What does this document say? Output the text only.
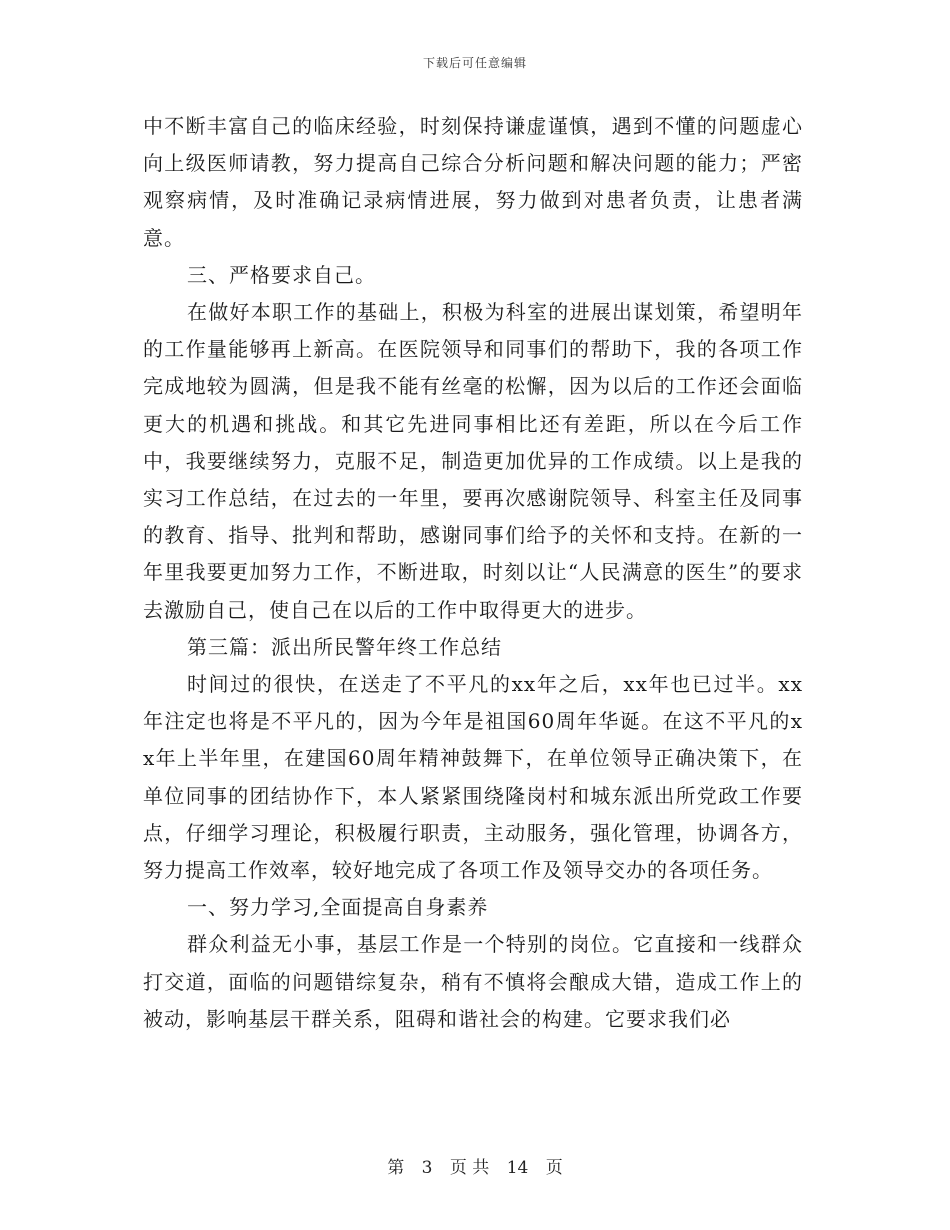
下载后可任意编辑

中不断丰富自己的临床经验，时刻保持谦虚谨慎，遇到不懂的问题虚心向上级医师请教，努力提高自己综合分析问题和解决问题的能力；严密观察病情，及时准确记录病情进展，努力做到对患者负责，让患者满意。

三、严格要求自己。

在做好本职工作的基础上，积极为科室的进展出谋划策，希望明年的工作量能够再上新高。在医院领导和同事们的帮助下，我的各项工作完成地较为圆满，但是我不能有丝毫的松懈，因为以后的工作还会面临更大的机遇和挑战。和其它先进同事相比还有差距，所以在今后工作中，我要继续努力，克服不足，制造更加优异的工作成绩。以上是我的实习工作总结，在过去的一年里，要再次感谢院领导、科室主任及同事的教育、指导、批判和帮助，感谢同事们给予的关怀和支持。在新的一年里我要更加努力工作，不断进取，时刻以让“人民满意的医生”的要求去激励自己，使自己在以后的工作中取得更大的进步。

第三篇：派出所民警年终工作总结

时间过的很快，在送走了不平凡的xx年之后，xx年也已过半。xx年注定也将是不平凡的，因为今年是祖国60周年华诞。在这不平凡的xx年上半年里，在建国60周年精神鼓舞下，在单位领导正确决策下，在单位同事的团结协作下，本人紧紧围绕隆岗村和城东派出所党政工作要点，仔细学习理论，积极履行职责，主动服务，强化管理，协调各方，努力提高工作效率，较好地完成了各项工作及领导交办的各项任务。

一、努力学习,全面提高自身素养

群众利益无小事，基层工作是一个特别的岗位。它直接和一线群众打交道，面临的问题错综复杂，稍有不慎将会酿成大错，造成工作上的被动，影响基层干群关系，阻碍和谐社会的构建。它要求我们必

第 3 页 共 14 页
